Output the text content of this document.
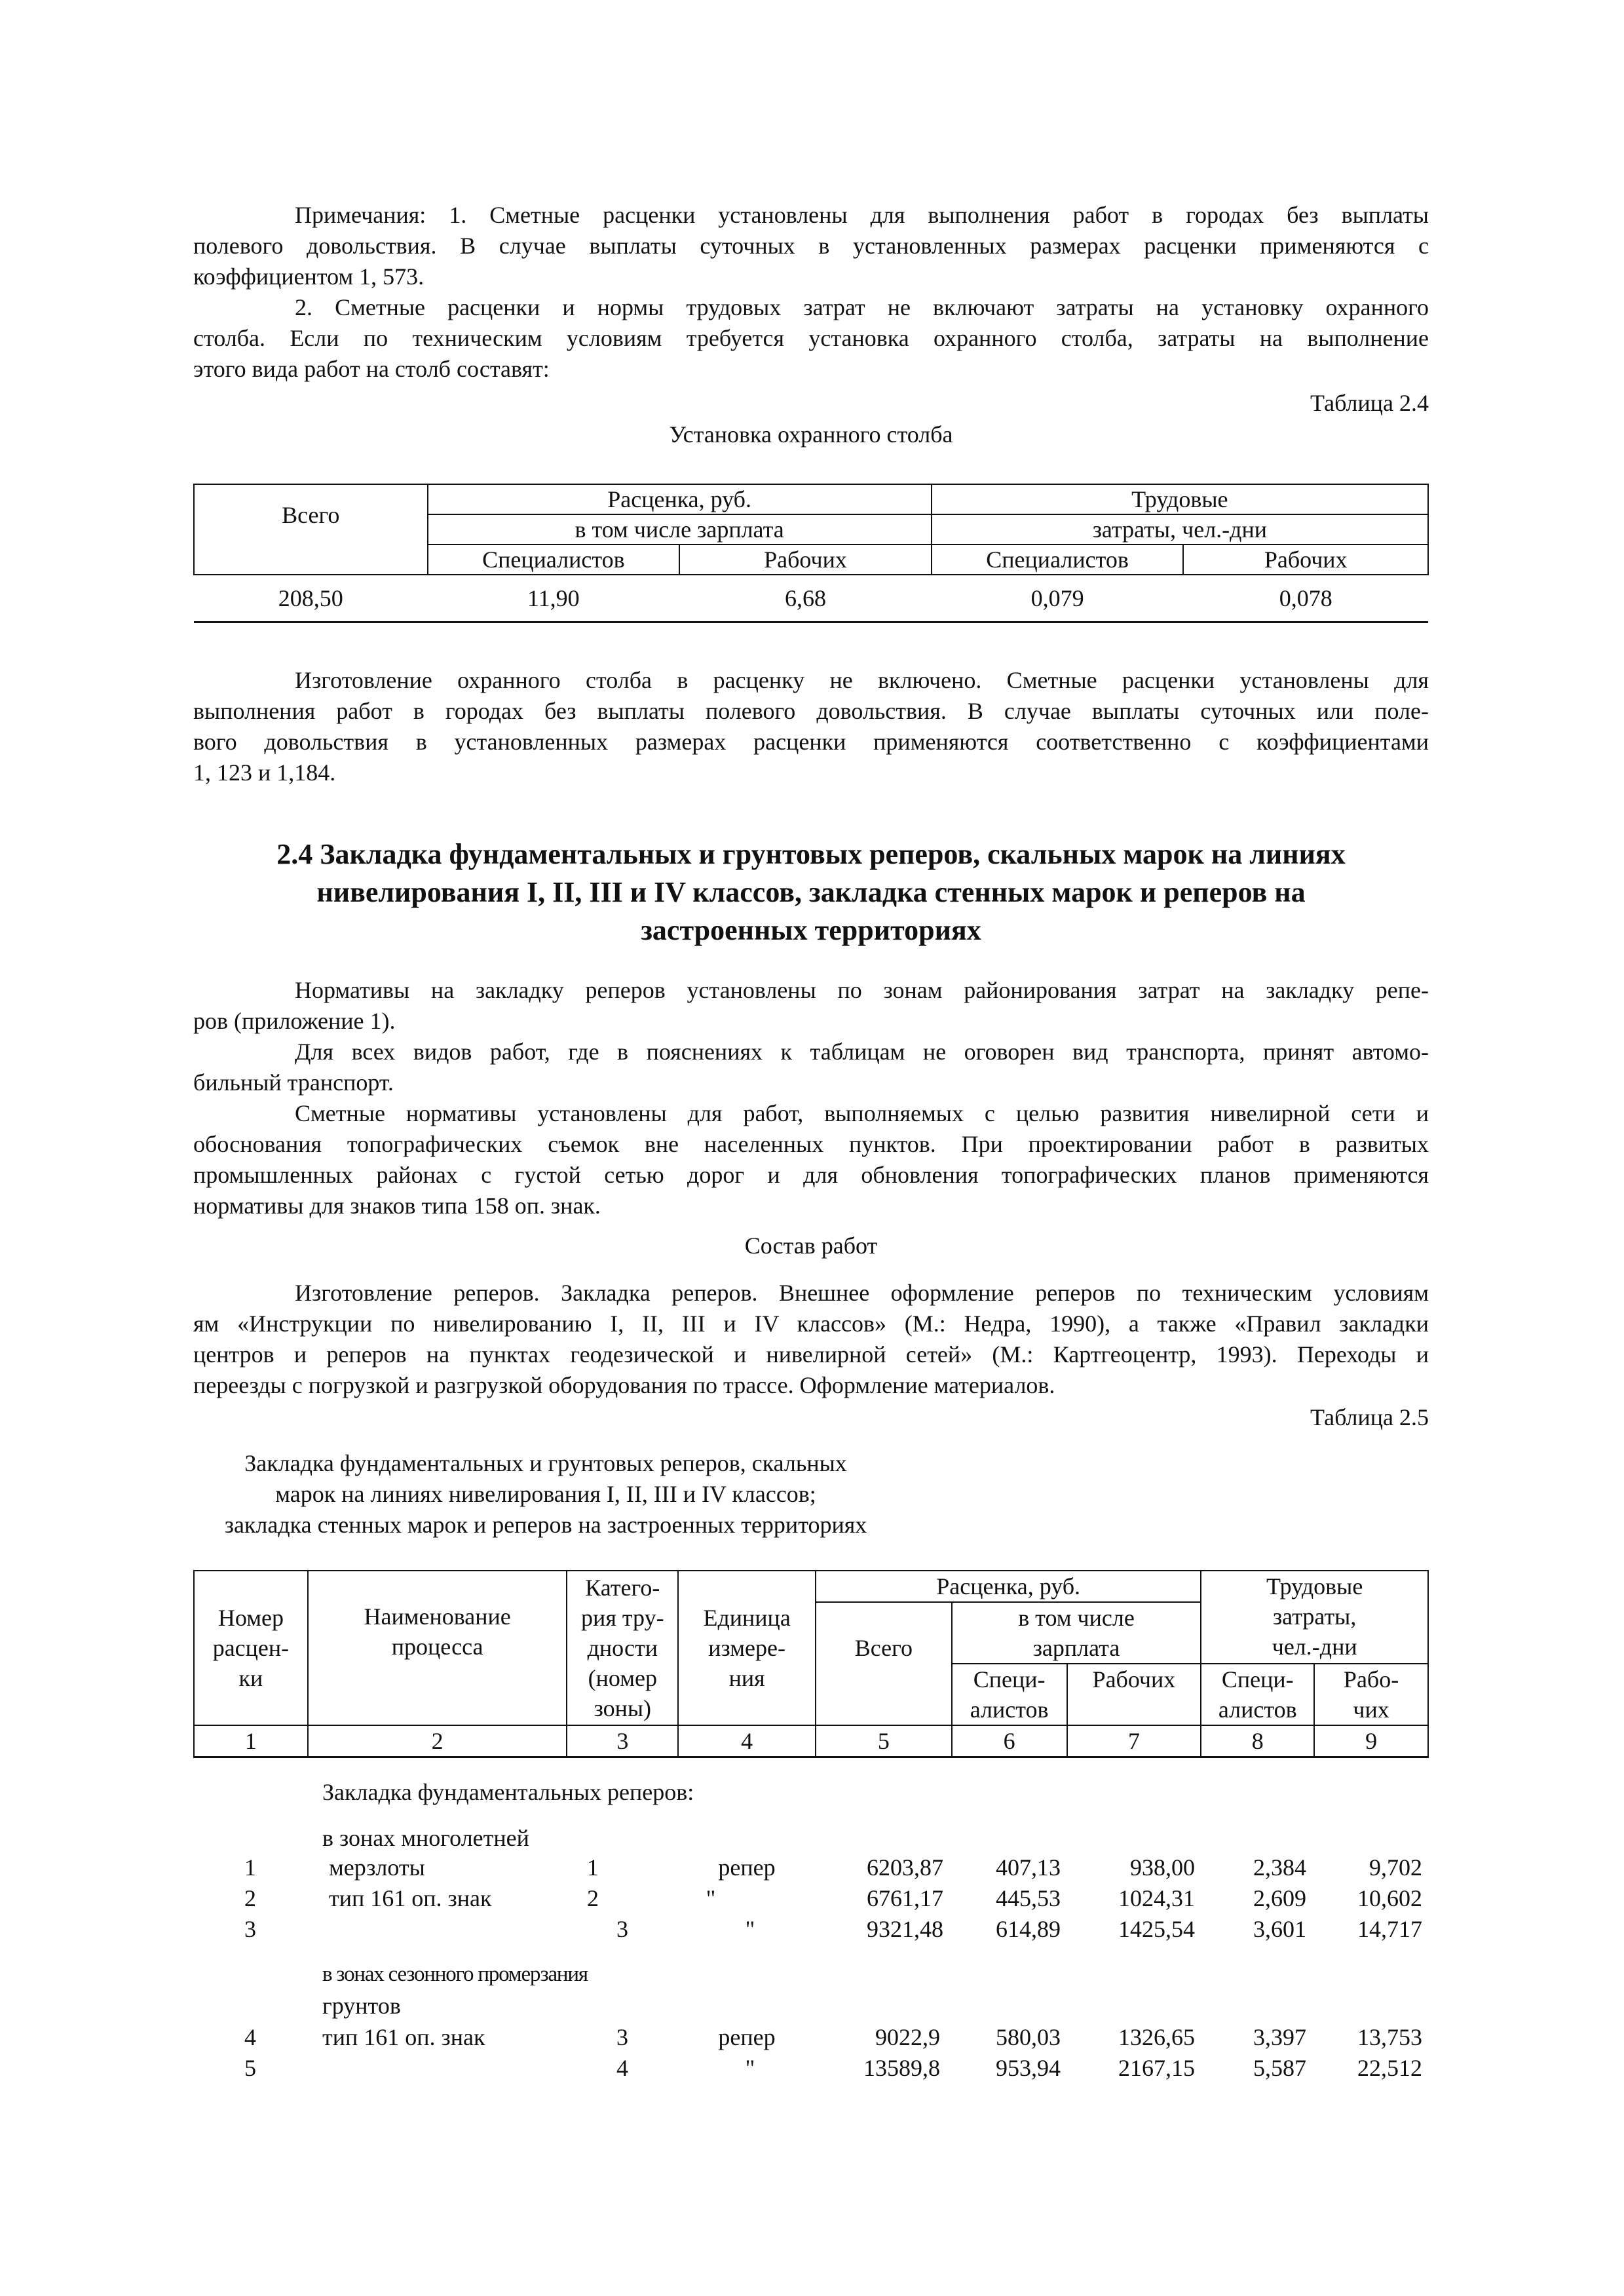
Примечания: 1. Сметные расценки установлены для выполнения работ в городах без выплаты
полевого довольствия. В случае выплаты суточных в установленных размерах расценки применяются с
коэффициентом 1, 573.
2. Сметные расценки и нормы трудовых затрат не включают затраты на установку охранного
столба. Если по техническим условиям требуется установка охранного столба, затраты на выполнение
этого вида работ на столб составят:
Таблица 2.4
Установка охранного столба
Всего	Расценка, руб.		Трудовые	
	в том числе зарплата		затраты, чел.-дни	
	Специалистов	Рабочих	Специалистов	Рабочих
208,50	11,90	6,68	0,079	0,078
Изготовление охранного столба в расценку не включено. Сметные расценки установлены для
выполнения работ в городах без выплаты полевого довольствия. В случае выплаты суточных или поле-
вого довольствия в установленных размерах расценки применяются соответственно с коэффициентами
1, 123 и 1,184.
2.4 Закладка фундаментальных и грунтовых реперов, скальных марок на линиях
нивелирования I, II, III и IV классов, закладка стенных марок и реперов на
застроенных территориях
Нормативы на закладку реперов установлены по зонам районирования затрат на закладку репе-
ров (приложение 1).
Для всех видов работ, где в пояснениях к таблицам не оговорен вид транспорта, принят автомо-
бильный транспорт.
Сметные нормативы установлены для работ, выполняемых с целью развития нивелирной сети и
обоснования топографических съемок вне населенных пунктов. При проектировании работ в развитых
промышленных районах с густой сетью дорог и для обновления топографических планов применяются
нормативы для знаков типа 158 оп. знак.
Состав работ
Изготовление реперов. Закладка реперов. Внешнее оформление реперов по техническим условиям
ям «Инструкции по нивелированию I, II, III и IV классов» (М.: Недра, 1990), а также «Правил закладки
центров и реперов на пунктах геодезической и нивелирной сетей» (М.: Картгеоцентр, 1993). Переходы и
переезды с погрузкой и разгрузкой оборудования по трассе. Оформление материалов.
Таблица 2.5
Закладка фундаментальных и грунтовых реперов, скальных
марок на линиях нивелирования I, II, III и IV классов;
закладка стенных марок и реперов на застроенных территориях
Номер
расцен-
ки	Наименование
процесса	Катего-
рия тру-
дности
(номер
зоны)	Единица
измере-
ния	Расценка, руб.			Трудовые
затраты,
чел.-дни	

				Всего	в том числе
зарплата			

					Специ-
алистов	Рабочих	Специ-
алистов	Рабо-
чих

1	2	3	4	5	6	7	8	9
Закладка фундаментальных реперов:
в зонах многолетней
1	мерзлоты	1	репер	6203,87	407,13	938,00	2,384	9,702
2	тип 161 оп. знак	2	"	6761,17	445,53	1024,31	2,609	10,602
3	3	"	9321,48	614,89	1425,54	3,601	14,717
в зонах сезонного промерзания
грунтов
4	тип 161 оп. знак	3	репер	9022,9	580,03	1326,65	3,397	13,753
5	4	"	13589,8	953,94	2167,15	5,587	22,512
